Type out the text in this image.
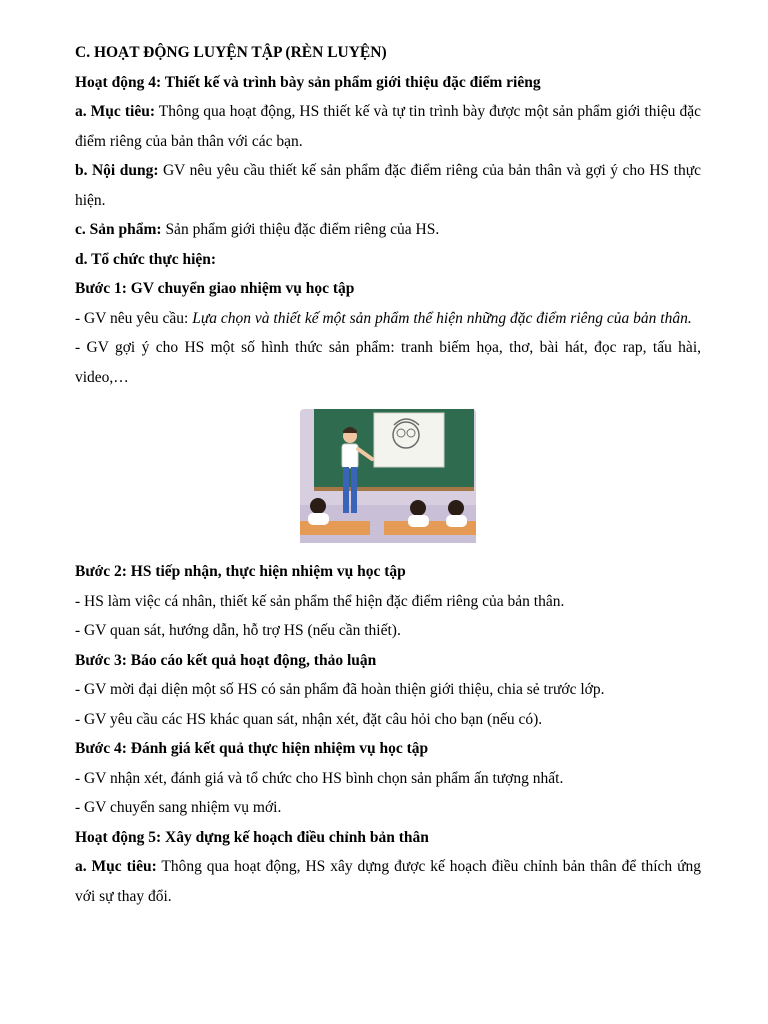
C. HOẠT ĐỘNG LUYỆN TẬP (RÈN LUYỆN)

Hoạt động 4: Thiết kế và trình bày sản phẩm giới thiệu đặc điểm riêng

a. Mục tiêu: Thông qua hoạt động, HS thiết kế và tự tin trình bày được một sản phẩm giới thiệu đặc điểm riêng của bản thân với các bạn.

b. Nội dung: GV nêu yêu cầu thiết kế sản phẩm đặc điểm riêng của bản thân và gợi ý cho HS thực hiện.

c. Sản phẩm: Sản phẩm giới thiệu đặc điểm riêng của HS.

d. Tổ chức thực hiện:

Bước 1: GV chuyển giao nhiệm vụ học tập

- GV nêu yêu cầu: Lựa chọn và thiết kế một sản phẩm thể hiện những đặc điểm riêng của bản thân.

- GV gợi ý cho HS một số hình thức sản phẩm: tranh biếm họa, thơ, bài hát, đọc rap, tấu hài, video,…

Bước 2: HS tiếp nhận, thực hiện nhiệm vụ học tập

- HS làm việc cá nhân, thiết kế sản phẩm thể hiện đặc điểm riêng của bản thân.

- GV quan sát, hướng dẫn, hỗ trợ HS (nếu cần thiết).

Bước 3: Báo cáo kết quả hoạt động, thảo luận

- GV mời đại diện một số HS có sản phẩm đã hoàn thiện giới thiệu, chia sẻ trước lớp.

- GV yêu cầu các HS khác quan sát, nhận xét, đặt câu hỏi cho bạn (nếu có).

Bước 4: Đánh giá kết quả thực hiện nhiệm vụ học tập

- GV nhận xét, đánh giá và tổ chức cho HS bình chọn sản phẩm ấn tượng nhất.

- GV chuyển sang nhiệm vụ mới.

Hoạt động 5: Xây dựng kế hoạch điều chỉnh bản thân

a. Mục tiêu: Thông qua hoạt động, HS xây dựng được kế hoạch điều chỉnh bản thân để thích ứng với sự thay đổi.
